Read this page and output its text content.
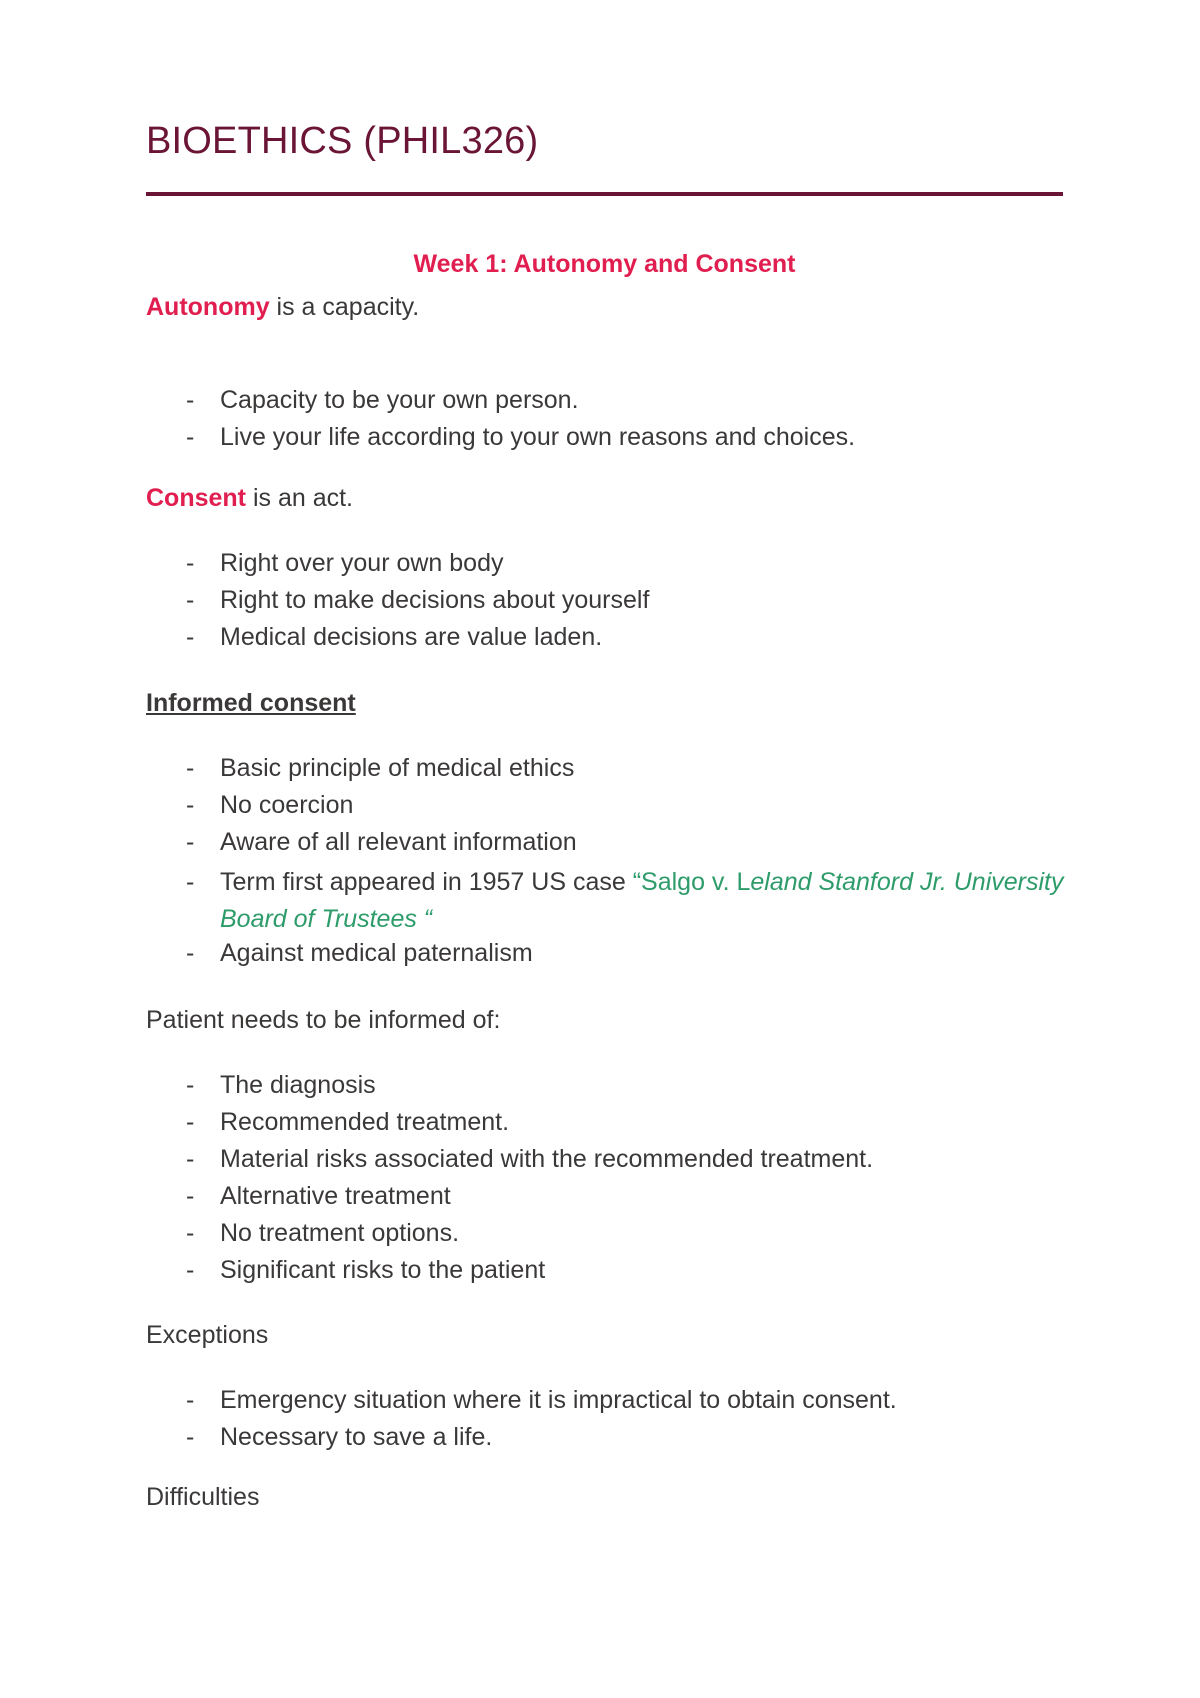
BIOETHICS (PHIL326)
Week 1: Autonomy and Consent

Autonomy is a capacity.

- Capacity to be your own person.
- Live your life according to your own reasons and choices.

Consent is an act.

- Right over your own body
- Right to make decisions about yourself
- Medical decisions are value laden.

Informed consent

- Basic principle of medical ethics
- No coercion
- Aware of all relevant information
- Term first appeared in 1957 US case “Salgo v. Leland Stanford Jr. University Board of Trustees “
- Against medical paternalism

Patient needs to be informed of:

- The diagnosis
- Recommended treatment.
- Material risks associated with the recommended treatment.
- Alternative treatment
- No treatment options.
- Significant risks to the patient

Exceptions

- Emergency situation where it is impractical to obtain consent.
- Necessary to save a life.

Difficulties
